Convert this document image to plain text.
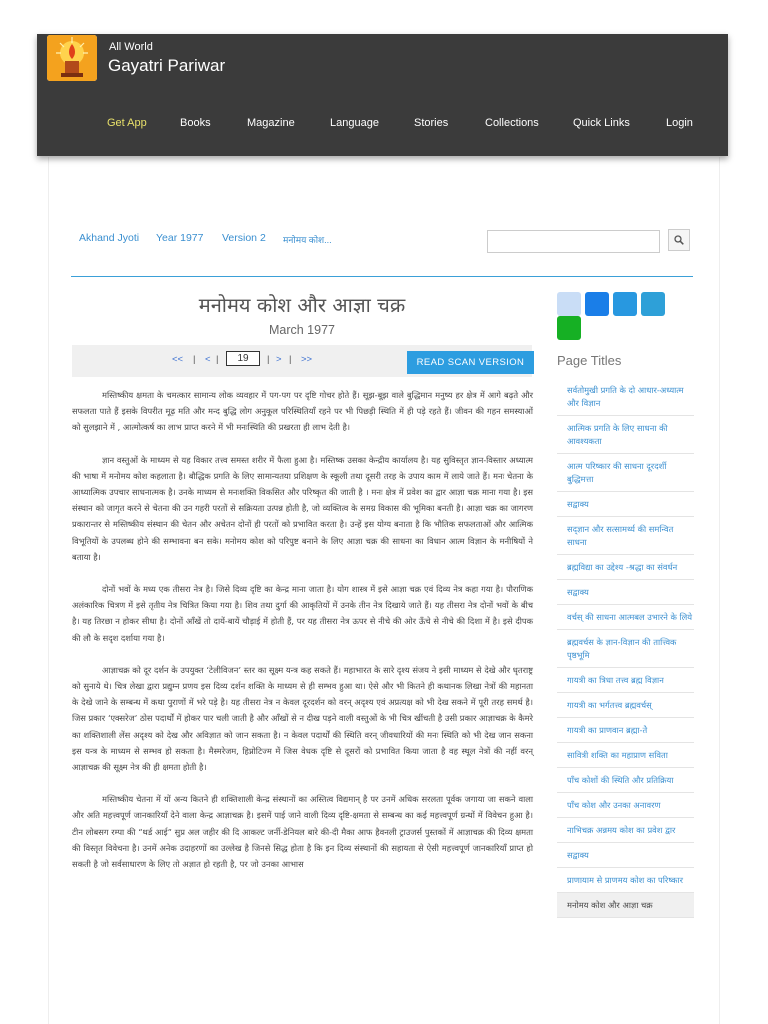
All World
Gayatri Pariwar
Get App	Books	Magazine	Language	Stories	Collections	Quick Links	Login
Akhand Jyoti Year 1977 Version 2 मनोमय कोश...
मनोमय कोश और आज्ञा चक्र
March 1977
<< | < |	19	| > | >>	READ SCAN VERSION

मस्तिष्कीय क्षमता के चमत्कार सामान्य लोक व्यवहार में पग-पग पर दृष्टि गोचर होते हैं। सूझ-बूझ वाले बुद्धिमान मनुष्य हर क्षेत्र में आगे बढ़ते और सफलता पाते हैं इसके विपरीत मूढ़ मति और मन्द बुद्धि लोग अनुकूल परिस्थितियाँ रहने पर भी पिछड़ी स्थिति में ही पड़े रहते हैं। जीवन की गहन समस्याओं को सुलझाने में , आत्मोत्कर्ष का लाभ प्राप्त करने में भी मनःस्थिति की प्रखरता ही लाभ देती है।

ज्ञान वस्तुओं के माध्यम से यह विकार तत्त्व समस्त शरीर में फैला हुआ है। मस्तिष्क उसका केन्द्रीय कार्यालय है। यह सुविस्तृत ज्ञान-विस्तार अध्यात्म की भाषा में मनोमय कोश कहलाता है। बौद्धिक प्रगति के लिए सामान्यतया प्रशिक्षण के स्कूली तथा दूसरी तरह के उपाय काम में लाये जाते हैं। मनः चेतना के आध्यात्मिक उपचार साधनात्मक है। उनके माध्यम से मनःशक्ति विकसित और परिष्कृत की जाती है । मनः क्षेत्र में प्रवेश का द्वार आज्ञा चक्र माना गया है। इस संस्थान को जागृत करने से चेतना की उन गहरी परतों से सक्रियता उत्पन्न होती है, जो व्यक्तित्व के समग्र विकास की भूमिका बनती है। आज्ञा चक्र का जागरण प्रकारान्तर से मस्तिष्कीय संस्थान की चेतन और अचेतन दोनों ही परतों को प्रभावित करता है। उन्हें इस योग्य बनाता है कि भौतिक सफलताओं और आत्मिक विभूतियों के उपलब्ध होने की सम्भावना बन सके। मनोमय कोश को परिपुष्ट बनाने के लिए आज्ञा चक्र की साधना का विधान आत्म विज्ञान के मनीषियों ने बताया है।

दोनों भवों के मध्य एक तीसरा नेत्र है। जिसे दिव्य दृष्टि का केन्द्र माना जाता है। योग शास्त्र में इसे आज्ञा चक्र एवं दिव्य नेत्र कहा गया है। पौराणिक अलंकारिक चित्रण में इसे तृतीय नेत्र चित्रित किया गया है। शिव तथा दुर्गा की आकृतियों में उनके तीन नेत्र दिखाये जाते हैं। यह तीसरा नेत्र दोनों भवों के बीच है। यह तिरछा न होकर सीधा है। दोनों आँखें तो दायें-बायें चौड़ाई में होती हैं, पर यह तीसरा नेत्र ऊपर से नीचे की ओर ऊँचे से नीचे की दिशा में है। इसे दीपक की लौ के सदृश दर्शाया गया है।

आज्ञाचक्र को दूर दर्शन के उपयुक्त ‘टेलीविजन’ स्तर का सूक्ष्म यन्त्र कह सकते हैं। महाभारत के सारे दृश्य संजय ने इसी माध्यम से देखे और धृतराष्ट्र को सुनाये थे। चित्र लेखा द्वारा प्रद्युम्न प्रणय इस दिव्य दर्शन शक्ति के माध्यम से ही सम्भव हुआ था। ऐसे और भी कितने ही कथानक लिखा नेत्रों की महानता के देखे जाने के सम्बन्ध में कथा पुराणों में भरे पड़े है। यह तीसरा नेत्र न केवल दूरदर्शन को वरन् अदृश्य एवं अप्रत्यक्ष को भी देख सकने में पूरी तरह समर्थ है। जिस प्रकार ‘एक्सरेज’ ठोस पदार्थों में होकर पार चली जाती है और आँखों से न दीख पड़ने वाली वस्तुओं के भी चित्र खींचती है उसी प्रकार आज्ञाचक्र के कैमरे का शक्तिशाली लेंस अदृश्य को देख और अविज्ञात को जान सकता है। न केवल पदार्थों की स्थिति वरन् जीवधारियों की मनः स्थिति को भी देख जान सकना इस यन्त्र के माध्यम से सम्भव हो सकता है। मैस्मरेजम, हिप्नोटिज्म में जिस वेधक दृष्टि से दूसरों को प्रभावित किया जाता है वह स्थूल नेत्रों की नहीं वरन् आज्ञाचक्र की सूक्ष्म नेत्र की ही क्षमता होती है।

मस्तिष्कीय चेतना में यों अन्य कितने ही शक्तिशाली केन्द्र संस्थानों का अस्तित्व विद्यमान् है पर उनमें अधिक सरलता पूर्वक जगाया जा सकने वाला और अति महत्त्वपूर्ण जानकारियाँ देने वाला केन्द्र आज्ञाचक्र है। इसमें पाई जाने वाली दिव्य दृष्टि-क्षमता से सम्बन्ध का कई महत्त्वपूर्ण ग्रन्थों में विवेचन हुआ है। टीन लोबसग रम्पा की “थर्ड आई” सुप्र अल जहीर की दि आकल्ट जर्नी-डेनियल बारे की-दी मैका आफ हैवनली ट्राउजर्स पुस्तकों में आज्ञाचक्र की दिव्य क्षमता की विस्तृत विवेचना है। उनमें अनेक उदाहरणों का उल्लेख है जिनसे सिद्ध होता है कि इन दिव्य संस्थानों की सहायता से ऐसी महत्त्वपूर्ण जानकारियाँ प्राप्त हो सकती है जो सर्वसाधारण के लिए तो अज्ञात हो रहती है, पर जो उनका आभास

Page Titles
सर्वतोमुखी प्रगति के दो आधार-अध्यात्म और विज्ञान
आत्मिक प्रगति के लिए साधना की आवश्यकता
आत्म परिष्कार की साधना दूरदर्शी बुद्धिमत्ता
सद्वाक्य
सद्ज्ञान और सत्सामर्थ्य की समन्वित साधना
ब्रह्मविद्या का उद्देश्य -श्रद्धा का संवर्धन
सद्वाक्य
वर्चस् की साधना आत्मबल उभारने के लिये
ब्रह्मवर्चस के ज्ञान-विज्ञान की तात्त्विक पृष्ठभूमि
गायत्री का त्रिधा तत्त्व ब्रह्म विज्ञान
गायत्री का भर्गतत्त्व ब्रह्मवर्चस्
गायत्री का प्राणवान ब्रह्मा-तेे
सावित्री शक्ति का महाप्राण सविता
पाँच कोशों की स्थिति और प्रतिक्रिया
पाँच कोश और उनका अनावरण
नाभिचक्र अन्नमय कोश का प्रवेश द्वार
सद्वाक्य
प्राणायाम से प्राणमय कोश का परिष्कार
मनोमय कोश और आज्ञा चक्र
